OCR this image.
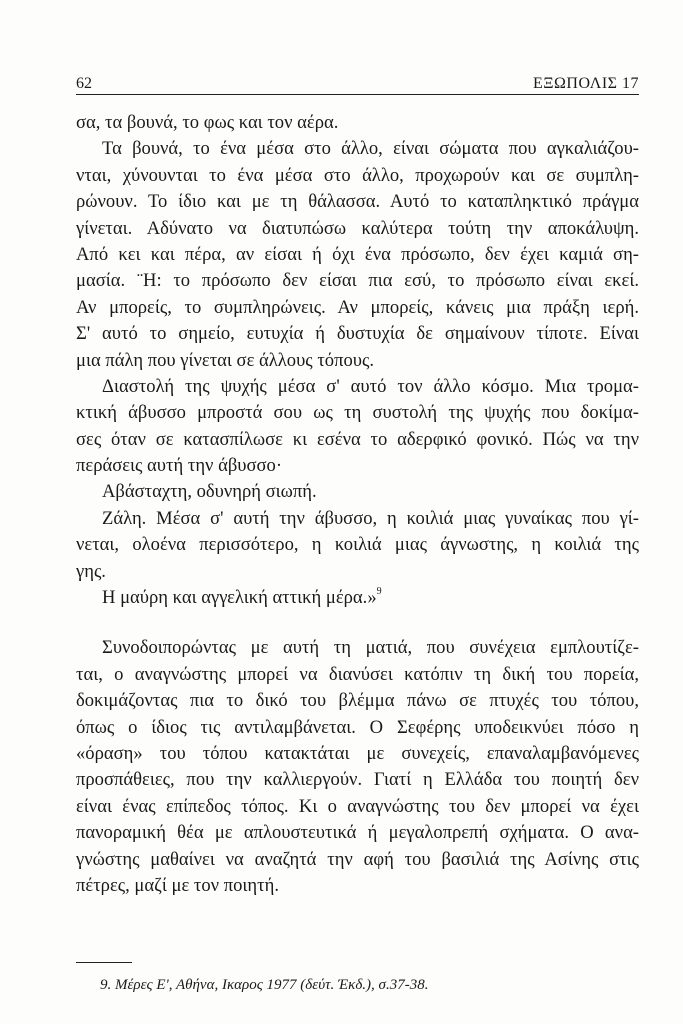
62	ΕΞΩΠΟΛΙΣ 17
σα, τα βουνά, το φως και τον αέρα.
Τα βουνά, το ένα μέσα στο άλλο, είναι σώματα που αγκαλιάζου-
νται, χύνουνται το ένα μέσα στο άλλο, προχωρούν και σε συμπλη-
ρώνουν. Το ίδιο και με τη θάλασσα. Αυτό το καταπληκτικό πράγμα
γίνεται. Αδύνατο να διατυπώσω καλύτερα τούτη την αποκάλυψη.
Από κει και πέρα, αν είσαι ή όχι ένα πρόσωπο, δεν έχει καμιά ση-
μασία. ¨Η: το πρόσωπο δεν είσαι πια εσύ, το πρόσωπο είναι εκεί.
Αν μπορείς, το συμπληρώνεις. Αν μπορείς, κάνεις μια πράξη ιερή.
Σ' αυτό το σημείο, ευτυχία ή δυστυχία δε σημαίνουν τίποτε. Είναι
μια πάλη που γίνεται σε άλλους τόπους.
Διαστολή της ψυχής μέσα σ' αυτό τον άλλο κόσμο. Μια τρομα-
κτική άβυσσο μπροστά σου ως τη συστολή της ψυχής που δοκίμα-
σες όταν σε κατασπίλωσε κι εσένα το αδερφικό φονικό. Πώς να την
περάσεις αυτή την άβυσσο·
Αβάσταχτη, οδυνηρή σιωπή.
Ζάλη. Μέσα σ' αυτή την άβυσσο, η κοιλιά μιας γυναίκας που γί-
νεται, ολοένα περισσότερο, η κοιλιά μιας άγνωστης, η κοιλιά της
γης.
Η μαύρη και αγγελική αττική μέρα.»$^9$
Συνοδοιπορώντας με αυτή τη ματιά, που συνέχεια εμπλουτίζε-
ται, ο αναγνώστης μπορεί να διανύσει κατόπιν τη δική του πορεία,
δοκιμάζοντας πια το δικό του βλέμμα πάνω σε πτυχές του τόπου,
όπως ο ίδιος τις αντιλαμβάνεται. Ο Σεφέρης υποδεικνύει πόσο η
«όραση» του τόπου κατακτάται με συνεχείς, επαναλαμβανόμενες
προσπάθειες, που την καλλιεργούν. Γιατί η Ελλάδα του ποιητή δεν
είναι ένας επίπεδος τόπος. Κι ο αναγνώστης του δεν μπορεί να έχει
πανοραμική θέα με απλουστευτικά ή μεγαλοπρεπή σχήματα. Ο ανα-
γνώστης μαθαίνει να αναζητά την αφή του βασιλιά της Ασίνης στις
πέτρες, μαζί με τον ποιητή.
9. Μέρες Ε', Αθήνα, Ικαρος 1977 (δεύτ. Έκδ.), σ.37-38.
